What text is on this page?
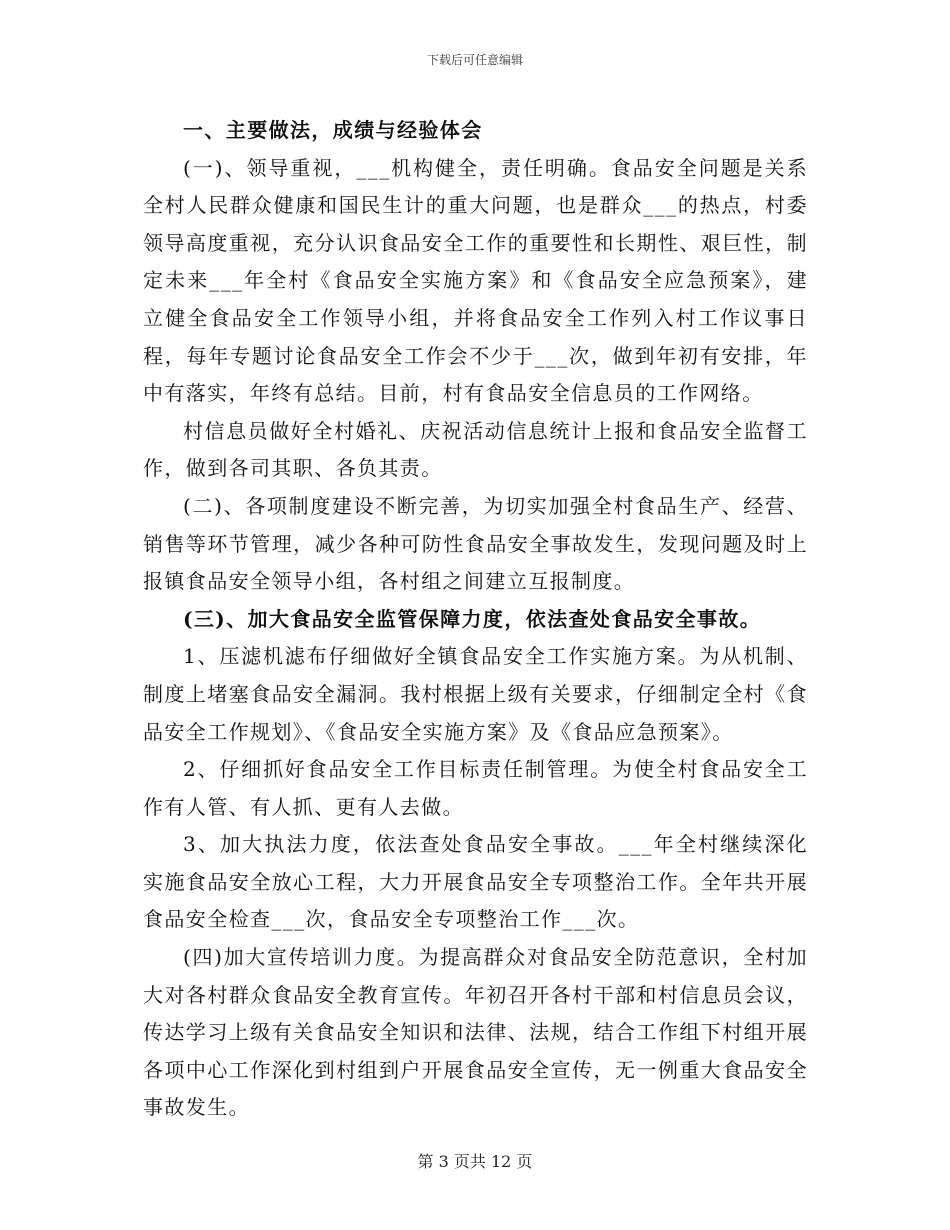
下载后可任意编辑

一、主要做法，成绩与经验体会

(一)、领导重视，___机构健全，责任明确。食品安全问题是关系全村人民群众健康和国民生计的重大问题，也是群众___的热点，村委领导高度重视，充分认识食品安全工作的重要性和长期性、艰巨性，制定未来___年全村《食品安全实施方案》和《食品安全应急预案》，建立健全食品安全工作领导小组，并将食品安全工作列入村工作议事日程，每年专题讨论食品安全工作会不少于___次，做到年初有安排，年中有落实，年终有总结。目前，村有食品安全信息员的工作网络。

村信息员做好全村婚礼、庆祝活动信息统计上报和食品安全监督工作，做到各司其职、各负其责。

(二)、各项制度建设不断完善，为切实加强全村食品生产、经营、销售等环节管理，减少各种可防性食品安全事故发生，发现问题及时上报镇食品安全领导小组，各村组之间建立互报制度。

(三)、加大食品安全监管保障力度，依法查处食品安全事故。

1、压滤机滤布仔细做好全镇食品安全工作实施方案。为从机制、制度上堵塞食品安全漏洞。我村根据上级有关要求，仔细制定全村《食品安全工作规划》、《食品安全实施方案》及《食品应急预案》。

2、仔细抓好食品安全工作目标责任制管理。为使全村食品安全工作有人管、有人抓、更有人去做。

3、加大执法力度，依法查处食品安全事故。___年全村继续深化实施食品安全放心工程，大力开展食品安全专项整治工作。全年共开展食品安全检查___次，食品安全专项整治工作___次。

(四)加大宣传培训力度。为提高群众对食品安全防范意识，全村加大对各村群众食品安全教育宣传。年初召开各村干部和村信息员会议，传达学习上级有关食品安全知识和法律、法规，结合工作组下村组开展各项中心工作深化到村组到户开展食品安全宣传，无一例重大食品安全事故发生。

第 3 页共 12 页
